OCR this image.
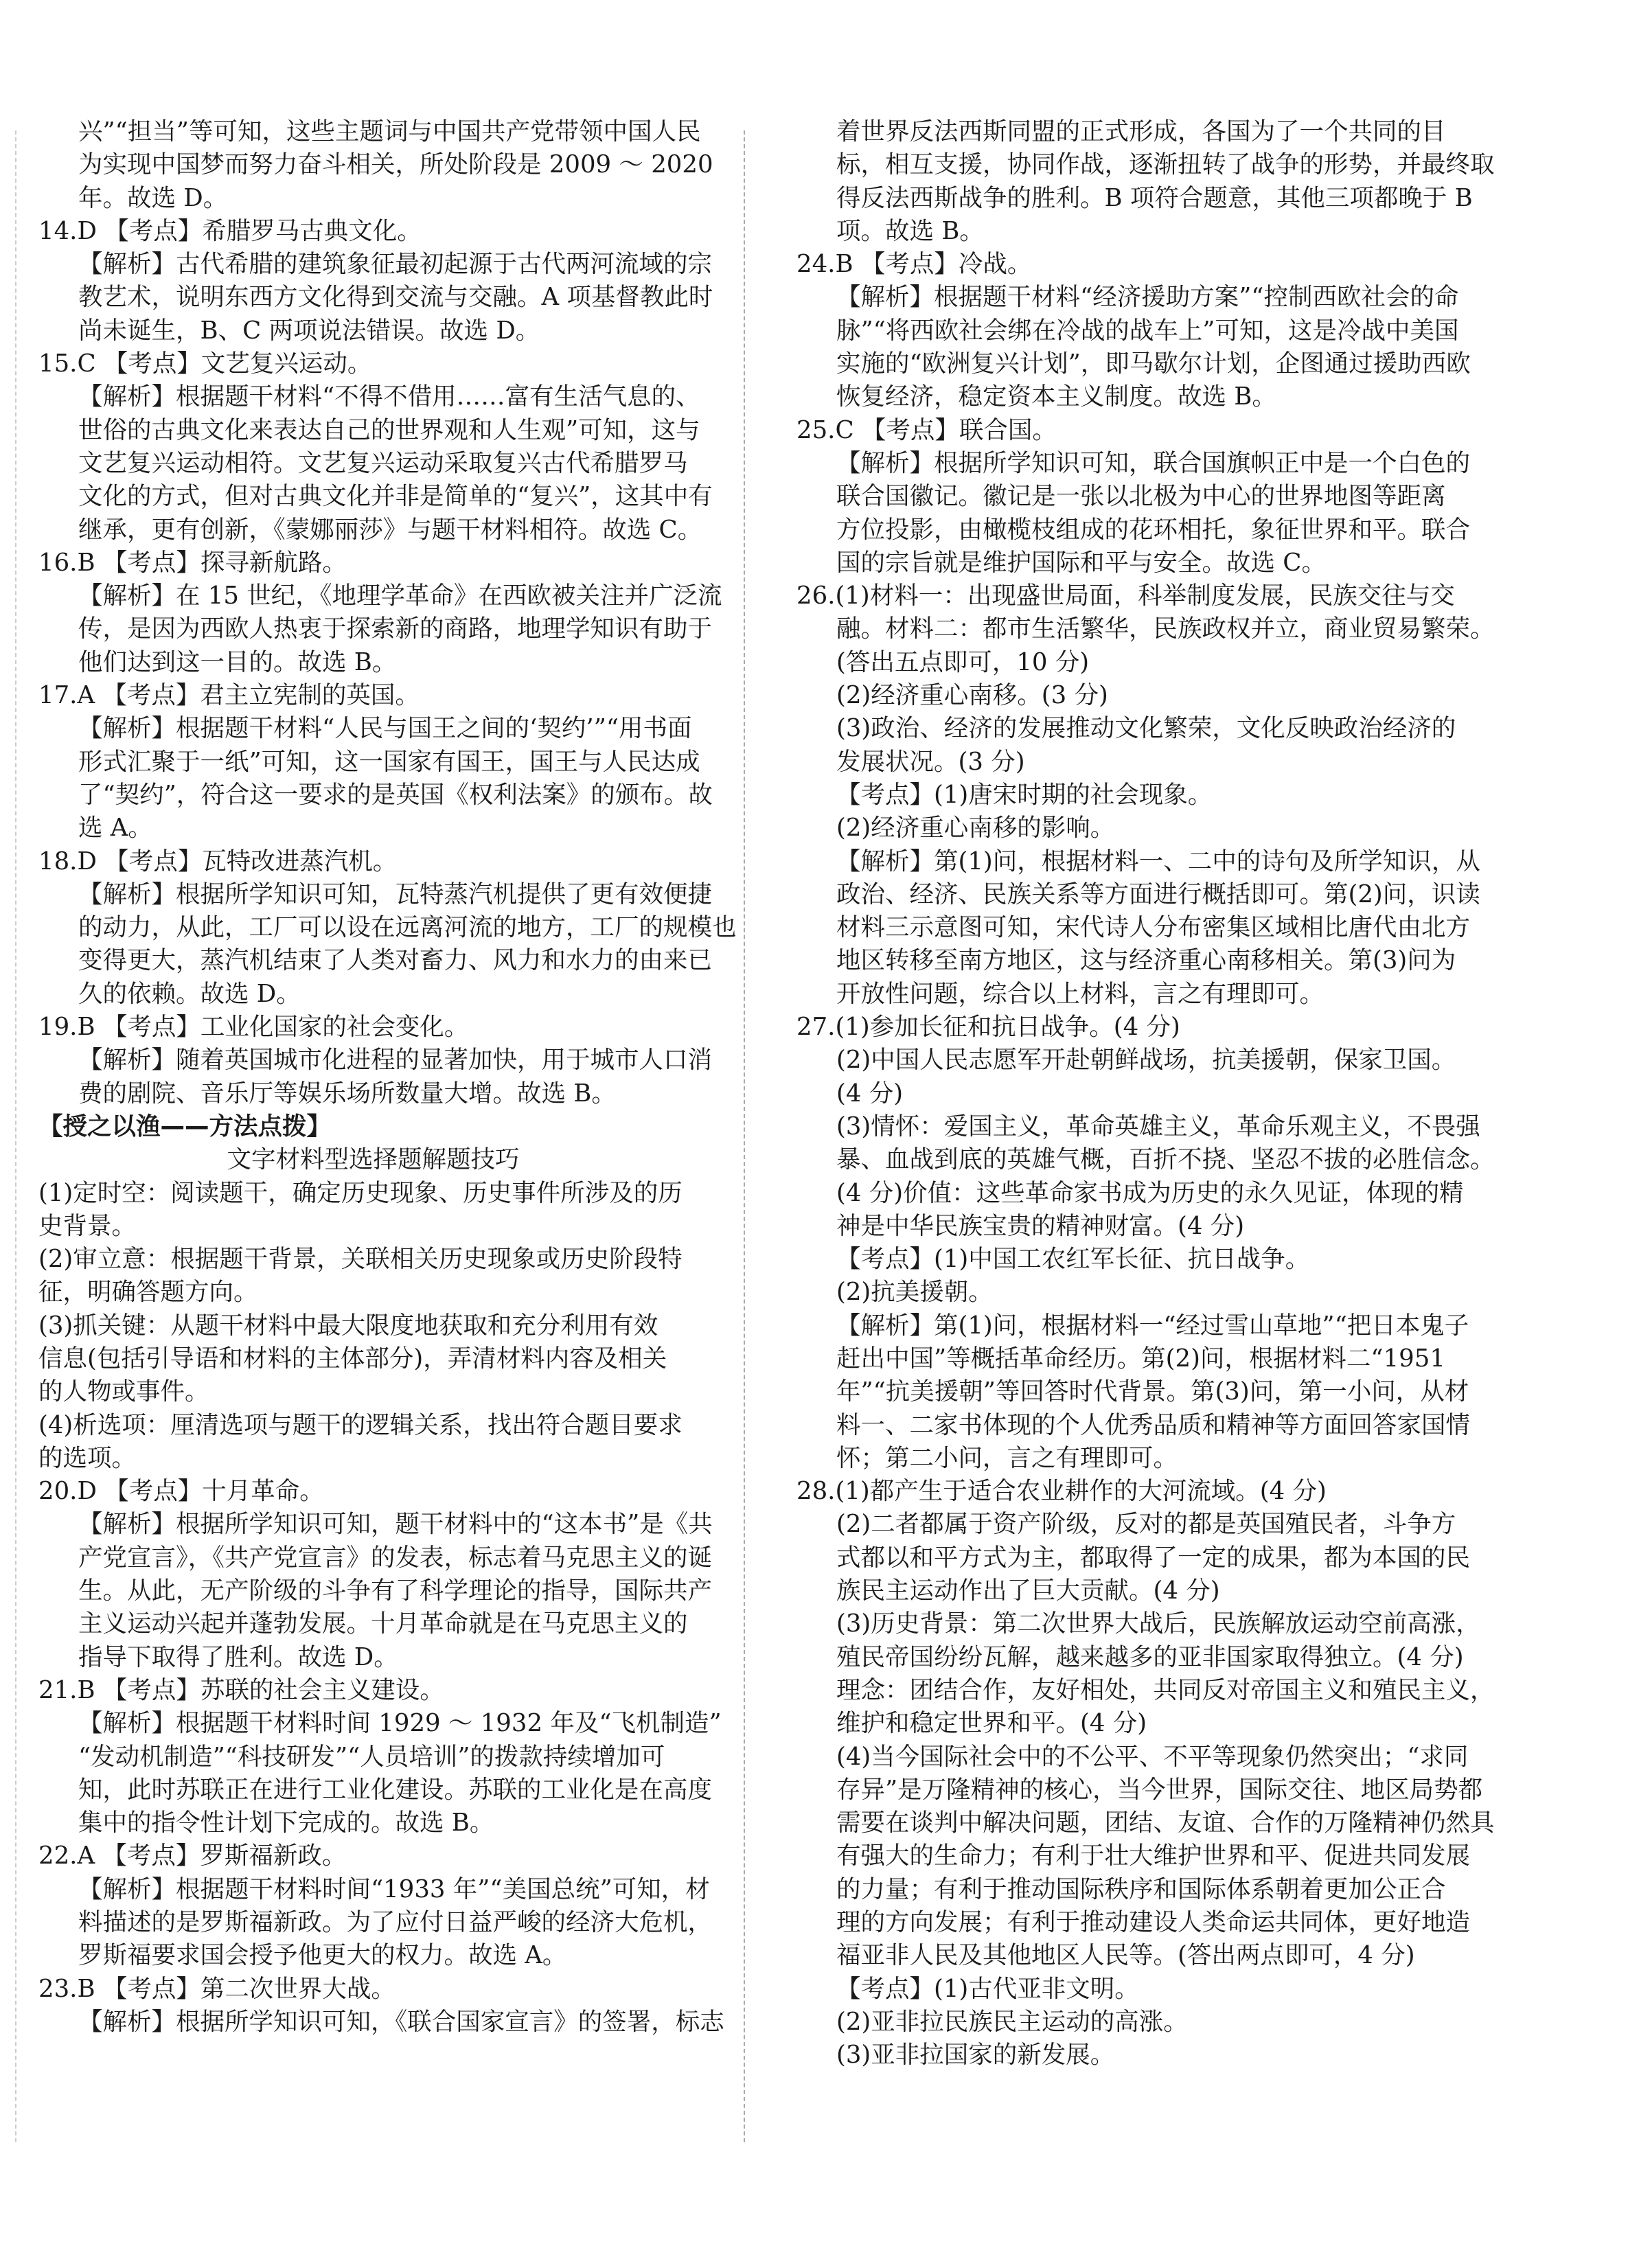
兴”“担当”等可知，这些主题词与中国共产党带领中国人民
为实现中国梦而努力奋斗相关，所处阶段是 2009 ～ 2020
年。故选 D。
14.D 【考点】希腊罗马古典文化。
【解析】古代希腊的建筑象征最初起源于古代两河流域的宗
教艺术，说明东西方文化得到交流与交融。A 项基督教此时
尚未诞生，B、C 两项说法错误。故选 D。
15.C 【考点】文艺复兴运动。
【解析】根据题干材料“不得不借用……富有生活气息的、
世俗的古典文化来表达自己的世界观和人生观”可知，这与
文艺复兴运动相符。文艺复兴运动采取复兴古代希腊罗马
文化的方式，但对古典文化并非是简单的“复兴”，这其中有
继承，更有创新，《蒙娜丽莎》与题干材料相符。故选 C。
16.B 【考点】探寻新航路。
【解析】在 15 世纪，《地理学革命》在西欧被关注并广泛流
传，是因为西欧人热衷于探索新的商路，地理学知识有助于
他们达到这一目的。故选 B。
17.A 【考点】君主立宪制的英国。
【解析】根据题干材料“人民与国王之间的‘契约’”“用书面
形式汇聚于一纸”可知，这一国家有国王，国王与人民达成
了“契约”，符合这一要求的是英国《权利法案》的颁布。故
选 A。
18.D 【考点】瓦特改进蒸汽机。
【解析】根据所学知识可知，瓦特蒸汽机提供了更有效便捷
的动力，从此，工厂可以设在远离河流的地方，工厂的规模也
变得更大，蒸汽机结束了人类对畜力、风力和水力的由来已
久的依赖。故选 D。
19.B 【考点】工业化国家的社会变化。
【解析】随着英国城市化进程的显著加快，用于城市人口消
费的剧院、音乐厅等娱乐场所数量大增。故选 B。
【授之以渔——方法点拨】
文字材料型选择题解题技巧
(1)定时空：阅读题干，确定历史现象、历史事件所涉及的历
史背景。
(2)审立意：根据题干背景，关联相关历史现象或历史阶段特
征，明确答题方向。
(3)抓关键：从题干材料中最大限度地获取和充分利用有效
信息(包括引导语和材料的主体部分)，弄清材料内容及相关
的人物或事件。
(4)析选项：厘清选项与题干的逻辑关系，找出符合题目要求
的选项。
20.D 【考点】十月革命。
【解析】根据所学知识可知，题干材料中的“这本书”是《共
产党宣言》，《共产党宣言》的发表，标志着马克思主义的诞
生。从此，无产阶级的斗争有了科学理论的指导，国际共产
主义运动兴起并蓬勃发展。十月革命就是在马克思主义的
指导下取得了胜利。故选 D。
21.B 【考点】苏联的社会主义建设。
【解析】根据题干材料时间 1929 ～ 1932 年及“飞机制造”
“发动机制造”“科技研发”“人员培训”的拨款持续增加可
知，此时苏联正在进行工业化建设。苏联的工业化是在高度
集中的指令性计划下完成的。故选 B。
22.A 【考点】罗斯福新政。
【解析】根据题干材料时间“1933 年”“美国总统”可知，材
料描述的是罗斯福新政。为了应付日益严峻的经济大危机，
罗斯福要求国会授予他更大的权力。故选 A。
23.B 【考点】第二次世界大战。
【解析】根据所学知识可知，《联合国家宣言》的签署，标志
着世界反法西斯同盟的正式形成，各国为了一个共同的目
标，相互支援，协同作战，逐渐扭转了战争的形势，并最终取
得反法西斯战争的胜利。B 项符合题意，其他三项都晚于 B
项。故选 B。
24.B 【考点】冷战。
【解析】根据题干材料“经济援助方案”“控制西欧社会的命
脉”“将西欧社会绑在冷战的战车上”可知，这是冷战中美国
实施的“欧洲复兴计划”，即马歇尔计划，企图通过援助西欧
恢复经济，稳定资本主义制度。故选 B。
25.C 【考点】联合国。
【解析】根据所学知识可知，联合国旗帜正中是一个白色的
联合国徽记。徽记是一张以北极为中心的世界地图等距离
方位投影，由橄榄枝组成的花环相托，象征世界和平。联合
国的宗旨就是维护国际和平与安全。故选 C。
26.(1)材料一：出现盛世局面，科举制度发展，民族交往与交
融。材料二：都市生活繁华，民族政权并立，商业贸易繁荣。
(答出五点即可，10 分)
(2)经济重心南移。(3 分)
(3)政治、经济的发展推动文化繁荣，文化反映政治经济的
发展状况。(3 分)
【考点】(1)唐宋时期的社会现象。
(2)经济重心南移的影响。
【解析】第(1)问，根据材料一、二中的诗句及所学知识，从
政治、经济、民族关系等方面进行概括即可。第(2)问，识读
材料三示意图可知，宋代诗人分布密集区域相比唐代由北方
地区转移至南方地区，这与经济重心南移相关。第(3)问为
开放性问题，综合以上材料，言之有理即可。
27.(1)参加长征和抗日战争。(4 分)
(2)中国人民志愿军开赴朝鲜战场，抗美援朝，保家卫国。
(4 分)
(3)情怀：爱国主义，革命英雄主义，革命乐观主义，不畏强
暴、血战到底的英雄气概，百折不挠、坚忍不拔的必胜信念。
(4 分)价值：这些革命家书成为历史的永久见证，体现的精
神是中华民族宝贵的精神财富。(4 分)
【考点】(1)中国工农红军长征、抗日战争。
(2)抗美援朝。
【解析】第(1)问，根据材料一“经过雪山草地”“把日本鬼子
赶出中国”等概括革命经历。第(2)问，根据材料二“1951
年”“抗美援朝”等回答时代背景。第(3)问，第一小问，从材
料一、二家书体现的个人优秀品质和精神等方面回答家国情
怀；第二小问，言之有理即可。
28.(1)都产生于适合农业耕作的大河流域。(4 分)
(2)二者都属于资产阶级，反对的都是英国殖民者，斗争方
式都以和平方式为主，都取得了一定的成果，都为本国的民
族民主运动作出了巨大贡献。(4 分)
(3)历史背景：第二次世界大战后，民族解放运动空前高涨，
殖民帝国纷纷瓦解，越来越多的亚非国家取得独立。(4 分)
理念：团结合作，友好相处，共同反对帝国主义和殖民主义，
维护和稳定世界和平。(4 分)
(4)当今国际社会中的不公平、不平等现象仍然突出；“求同
存异”是万隆精神的核心，当今世界，国际交往、地区局势都
需要在谈判中解决问题，团结、友谊、合作的万隆精神仍然具
有强大的生命力；有利于壮大维护世界和平、促进共同发展
的力量；有利于推动国际秩序和国际体系朝着更加公正合
理的方向发展；有利于推动建设人类命运共同体，更好地造
福亚非人民及其他地区人民等。(答出两点即可，4 分)
【考点】(1)古代亚非文明。
(2)亚非拉民族民主运动的高涨。
(3)亚非拉国家的新发展。
